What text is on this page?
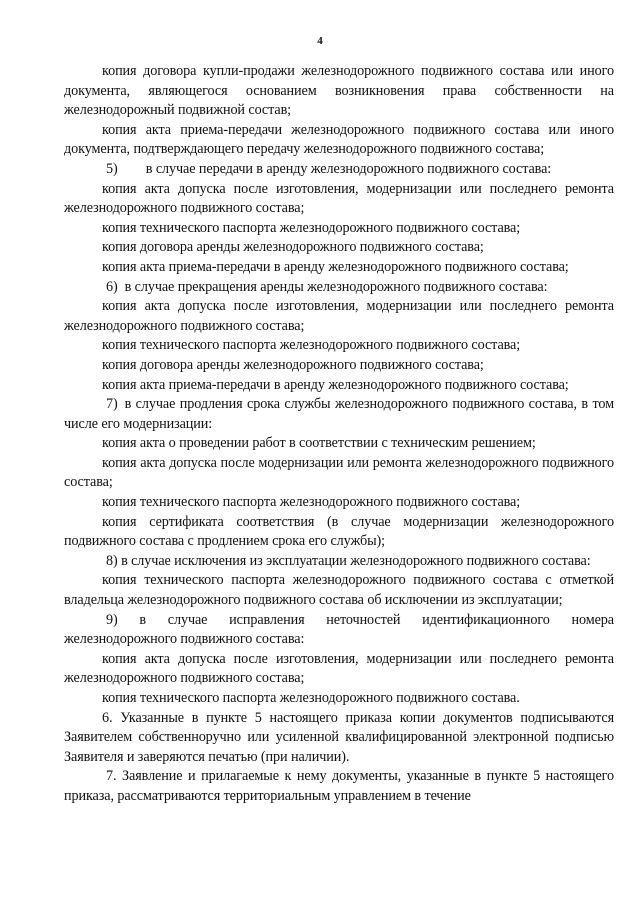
4

копия договора купли-продажи железнодорожного подвижного состава или иного документа, являющегося основанием возникновения права собственности на железнодорожный подвижной состав;

копия акта приема-передачи железнодорожного подвижного состава или иного документа, подтверждающего передачу железнодорожного подвижного состава;

5)  в случае передачи в аренду железнодорожного подвижного состава:

копия акта допуска после изготовления, модернизации или последнего ремонта железнодорожного подвижного состава;

копия технического паспорта железнодорожного подвижного состава;

копия договора аренды железнодорожного подвижного состава;

копия акта приема-передачи в аренду железнодорожного подвижного состава;

6) в случае прекращения аренды железнодорожного подвижного состава:

копия акта допуска после изготовления, модернизации или последнего ремонта железнодорожного подвижного состава;

копия технического паспорта железнодорожного подвижного состава;

копия договора аренды железнодорожного подвижного состава;

копия акта приема-передачи в аренду железнодорожного подвижного состава;

7) в случае продления срока службы железнодорожного подвижного состава, в том числе его модернизации:

копия акта о проведении работ в соответствии с техническим решением;

копия акта допуска после модернизации или ремонта железнодорожного подвижного состава;

копия технического паспорта железнодорожного подвижного состава;

копия сертификата соответствия (в случае модернизации железнодорожного подвижного состава с продлением срока его службы);

8) в случае исключения из эксплуатации железнодорожного подвижного состава:

копия технического паспорта железнодорожного подвижного состава с отметкой владельца железнодорожного подвижного состава об исключении из эксплуатации;

9) в случае исправления неточностей идентификационного номера железнодорожного подвижного состава:

копия акта допуска после изготовления, модернизации или последнего ремонта железнодорожного подвижного состава;

копия технического паспорта железнодорожного подвижного состава.

6. Указанные в пункте 5 настоящего приказа копии документов подписываются Заявителем собственноручно или усиленной квалифицированной электронной подписью Заявителя и заверяются печатью (при наличии).

7. Заявление и прилагаемые к нему документы, указанные в пункте 5 настоящего приказа, рассматриваются территориальным управлением в течение
